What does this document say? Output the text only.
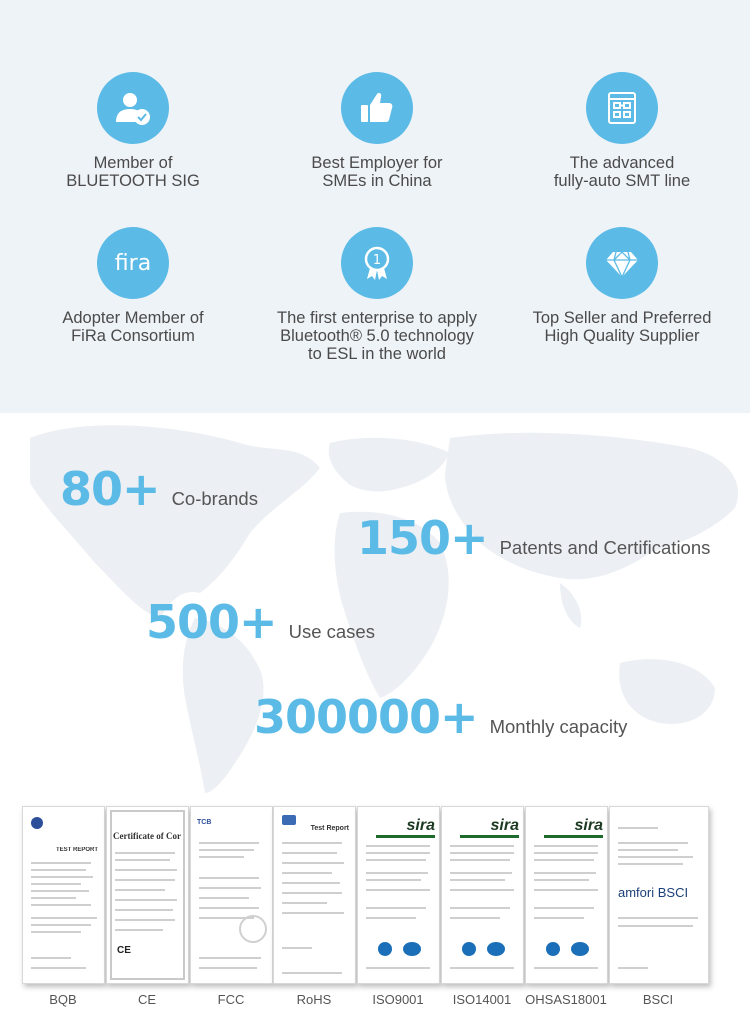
Member of
BLUETOOTH SIG
Best Employer for
SMEs in China
The advanced
fully-auto SMT line
fira
Adopter Member of
FiRa Consortium
1
The first enterprise to apply
Bluetooth® 5.0 technology
to ESL in the world
Top Seller and Preferred
High Quality Supplier
80+ Co-brands
150+ Patents and Certifications
500+ Use cases
300000+ Monthly capacity
TEST REPORT
BQB
Certificate of Cor
CE
CE
TCB
FCC
Test Report
RoHS
sira
ISO9001
sira
ISO14001
sira
OHSAS18001
amfori BSCI
BSCI
